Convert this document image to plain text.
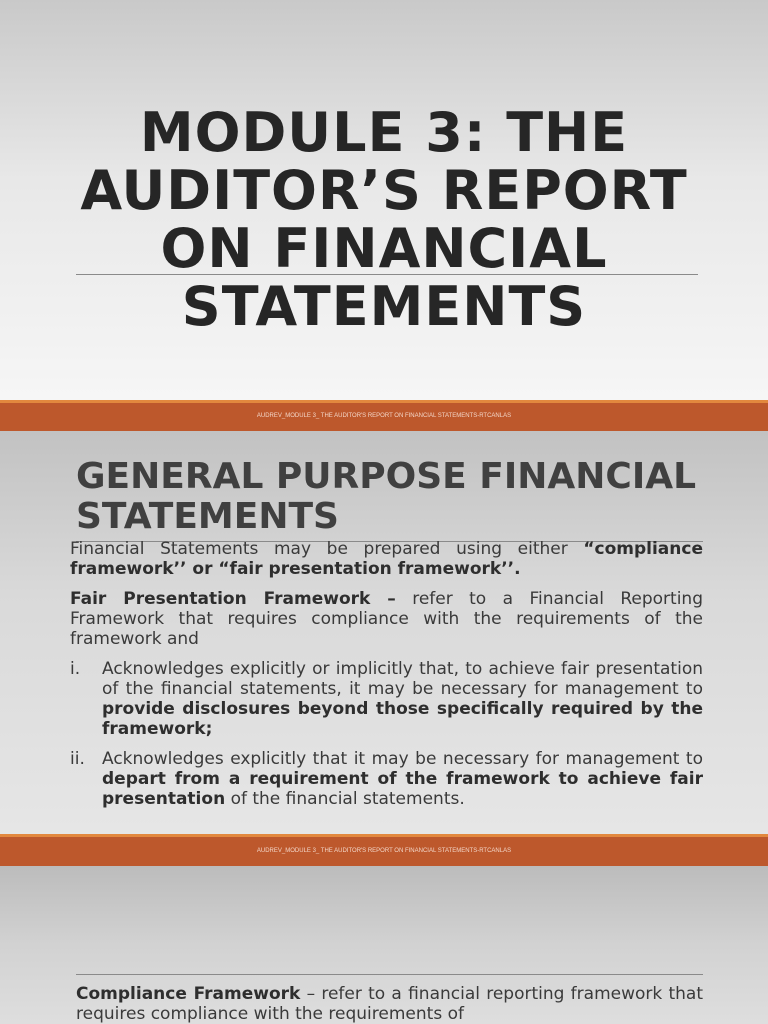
MODULE 3: THE AUDITOR’S REPORT ON FINANCIAL STATEMENTS
AUDREV_MODULE 3_ THE AUDITOR'S REPORT ON FINANCIAL STATEMENTS-RTCANLAS
GENERAL PURPOSE FINANCIAL STATEMENTS

Financial Statements may be prepared using either “compliance framework’’ or “fair presentation framework’’.

Fair Presentation Framework – refer to a Financial Reporting Framework that requires compliance with the requirements of the framework and

i.	Acknowledges explicitly or implicitly that, to achieve fair presentation of the financial statements, it may be necessary for management to provide disclosures beyond those specifically required by the framework;
ii.	Acknowledges explicitly that it may be necessary for management to depart from a requirement of the framework to achieve fair presentation of the financial statements.
AUDREV_MODULE 3_ THE AUDITOR'S REPORT ON FINANCIAL STATEMENTS-RTCANLAS
Compliance Framework – refer to a financial reporting framework that requires compliance with the requirements of
